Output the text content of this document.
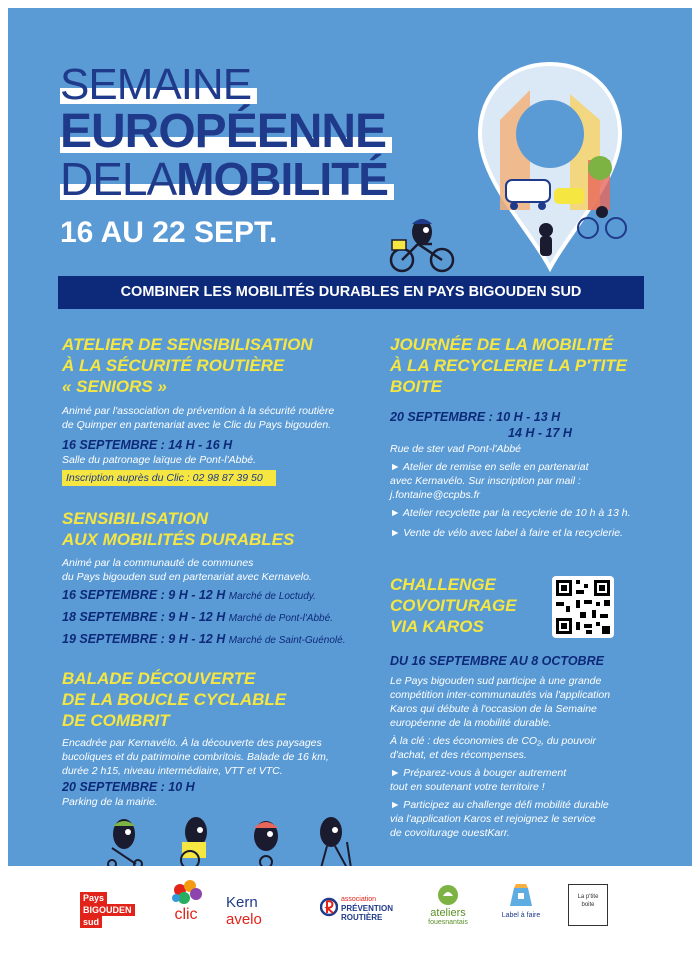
SEMAINE
EUROPÉENNE
DELAMOBILITÉ
16 AU 22 SEPT.
COMBINER LES MOBILITÉS DURABLES EN PAYS BIGOUDEN SUD
ATELIER DE SENSIBILISATION
À LA SÉCURITÉ ROUTIÈRE
« SENIORS »

Animé par l'association de prévention à la sécurité routière
de Quimper en partenariat avec le Clic du Pays bigouden.

16 SEPTEMBRE : 14 H - 16 H

Salle du patronage laïque de Pont-l'Abbé.

Inscription auprès du Clic : 02 98 87 39 50
SENSIBILISATION
AUX MOBILITÉS DURABLES

Animé par la communauté de communes
du Pays bigouden sud en partenariat avec Kernavelo.

16 SEPTEMBRE : 9 H - 12 H Marché de Loctudy.

18 SEPTEMBRE : 9 H - 12 H Marché de Pont-l'Abbé.

19 SEPTEMBRE : 9 H - 12 H Marché de Saint-Guénolé.

BALADE DÉCOUVERTE
DE LA BOUCLE CYCLABLE
DE COMBRIT

Encadrée par Kernavélo. À la découverte des paysages
bucoliques et du patrimoine combritois. Balade de 16 km,
durée 2 h15, niveau intermédiaire, VTT et VTC.

20 SEPTEMBRE : 10 H

Parking de la mairie.

JOURNÉE DE LA MOBILITÉ
À LA RECYCLERIE LA P'TITE
BOITE

20 SEPTEMBRE : 10 H - 13 H

14 H - 17 H

Rue de ster vad Pont-l'Abbé

► Atelier de remise en selle en partenariat
avec Kernavélo. Sur inscription par mail :
j.fontaine@ccpbs.fr

► Atelier recyclette par la recyclerie de 10 h à 13 h.

► Vente de vélo avec label à faire et la recyclerie.

CHALLENGE
COVOITURAGE
VIA KAROS

DU 16 SEPTEMBRE AU 8 OCTOBRE

Le Pays bigouden sud participe à une grande
compétition inter-communautés via l'application
Karos qui débute à l'occasion de la Semaine
européenne de la mobilité durable.

À la clé : des économies de CO₂, du pouvoir
d'achat, et des récompenses.

► Préparez-vous à bouger autrement
tout en soutenant votre territoire !

► Participez au challenge défi mobilité durable
via l'application Karos et rejoignez le service
de covoiturage ouestKarr.

Pays
BIGOUDEN
sud	clic
Kern
avelo
association
PRÉVENTION
ROUTIÈRE	ateliers
fouesnantais
Label à faire
La p'tite
boite
